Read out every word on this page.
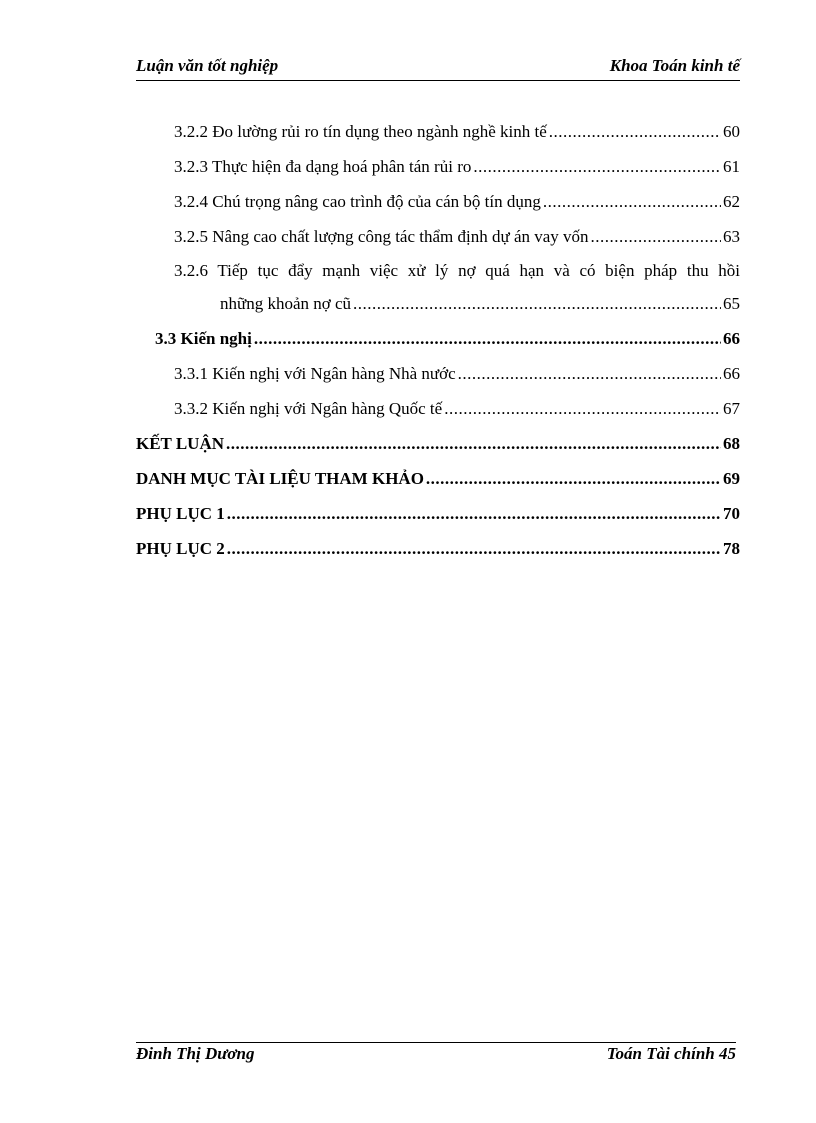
Luận văn tốt nghiệp	Khoa Toán kinh tế
3.2.2 Đo lường rủi ro tín dụng theo ngành nghề kinh tế .....	60
3.2.3 Thực hiện đa dạng hoá phân tán rủi ro .....	61
3.2.4 Chú trọng nâng cao trình độ của cán bộ tín dụng .....	62
3.2.5 Nâng cao chất lượng công tác thẩm định dự án vay vốn .....	63
3.2.6 Tiếp tục đẩy mạnh việc xử lý nợ quá hạn và có biện pháp thu hồi
những khoản nợ cũ .....	65
3.3 Kiến nghị .....	66
3.3.1 Kiến nghị với Ngân hàng Nhà nước .....	66
3.3.2 Kiến nghị với Ngân hàng Quốc tế .....	67
KẾT LUẬN .....	68
DANH MỤC TÀI LIỆU THAM KHẢO .....	69
PHỤ LỤC 1 .....	70
PHỤ LỤC 2 .....	78
Đinh Thị Dương	Toán Tài chính 45
